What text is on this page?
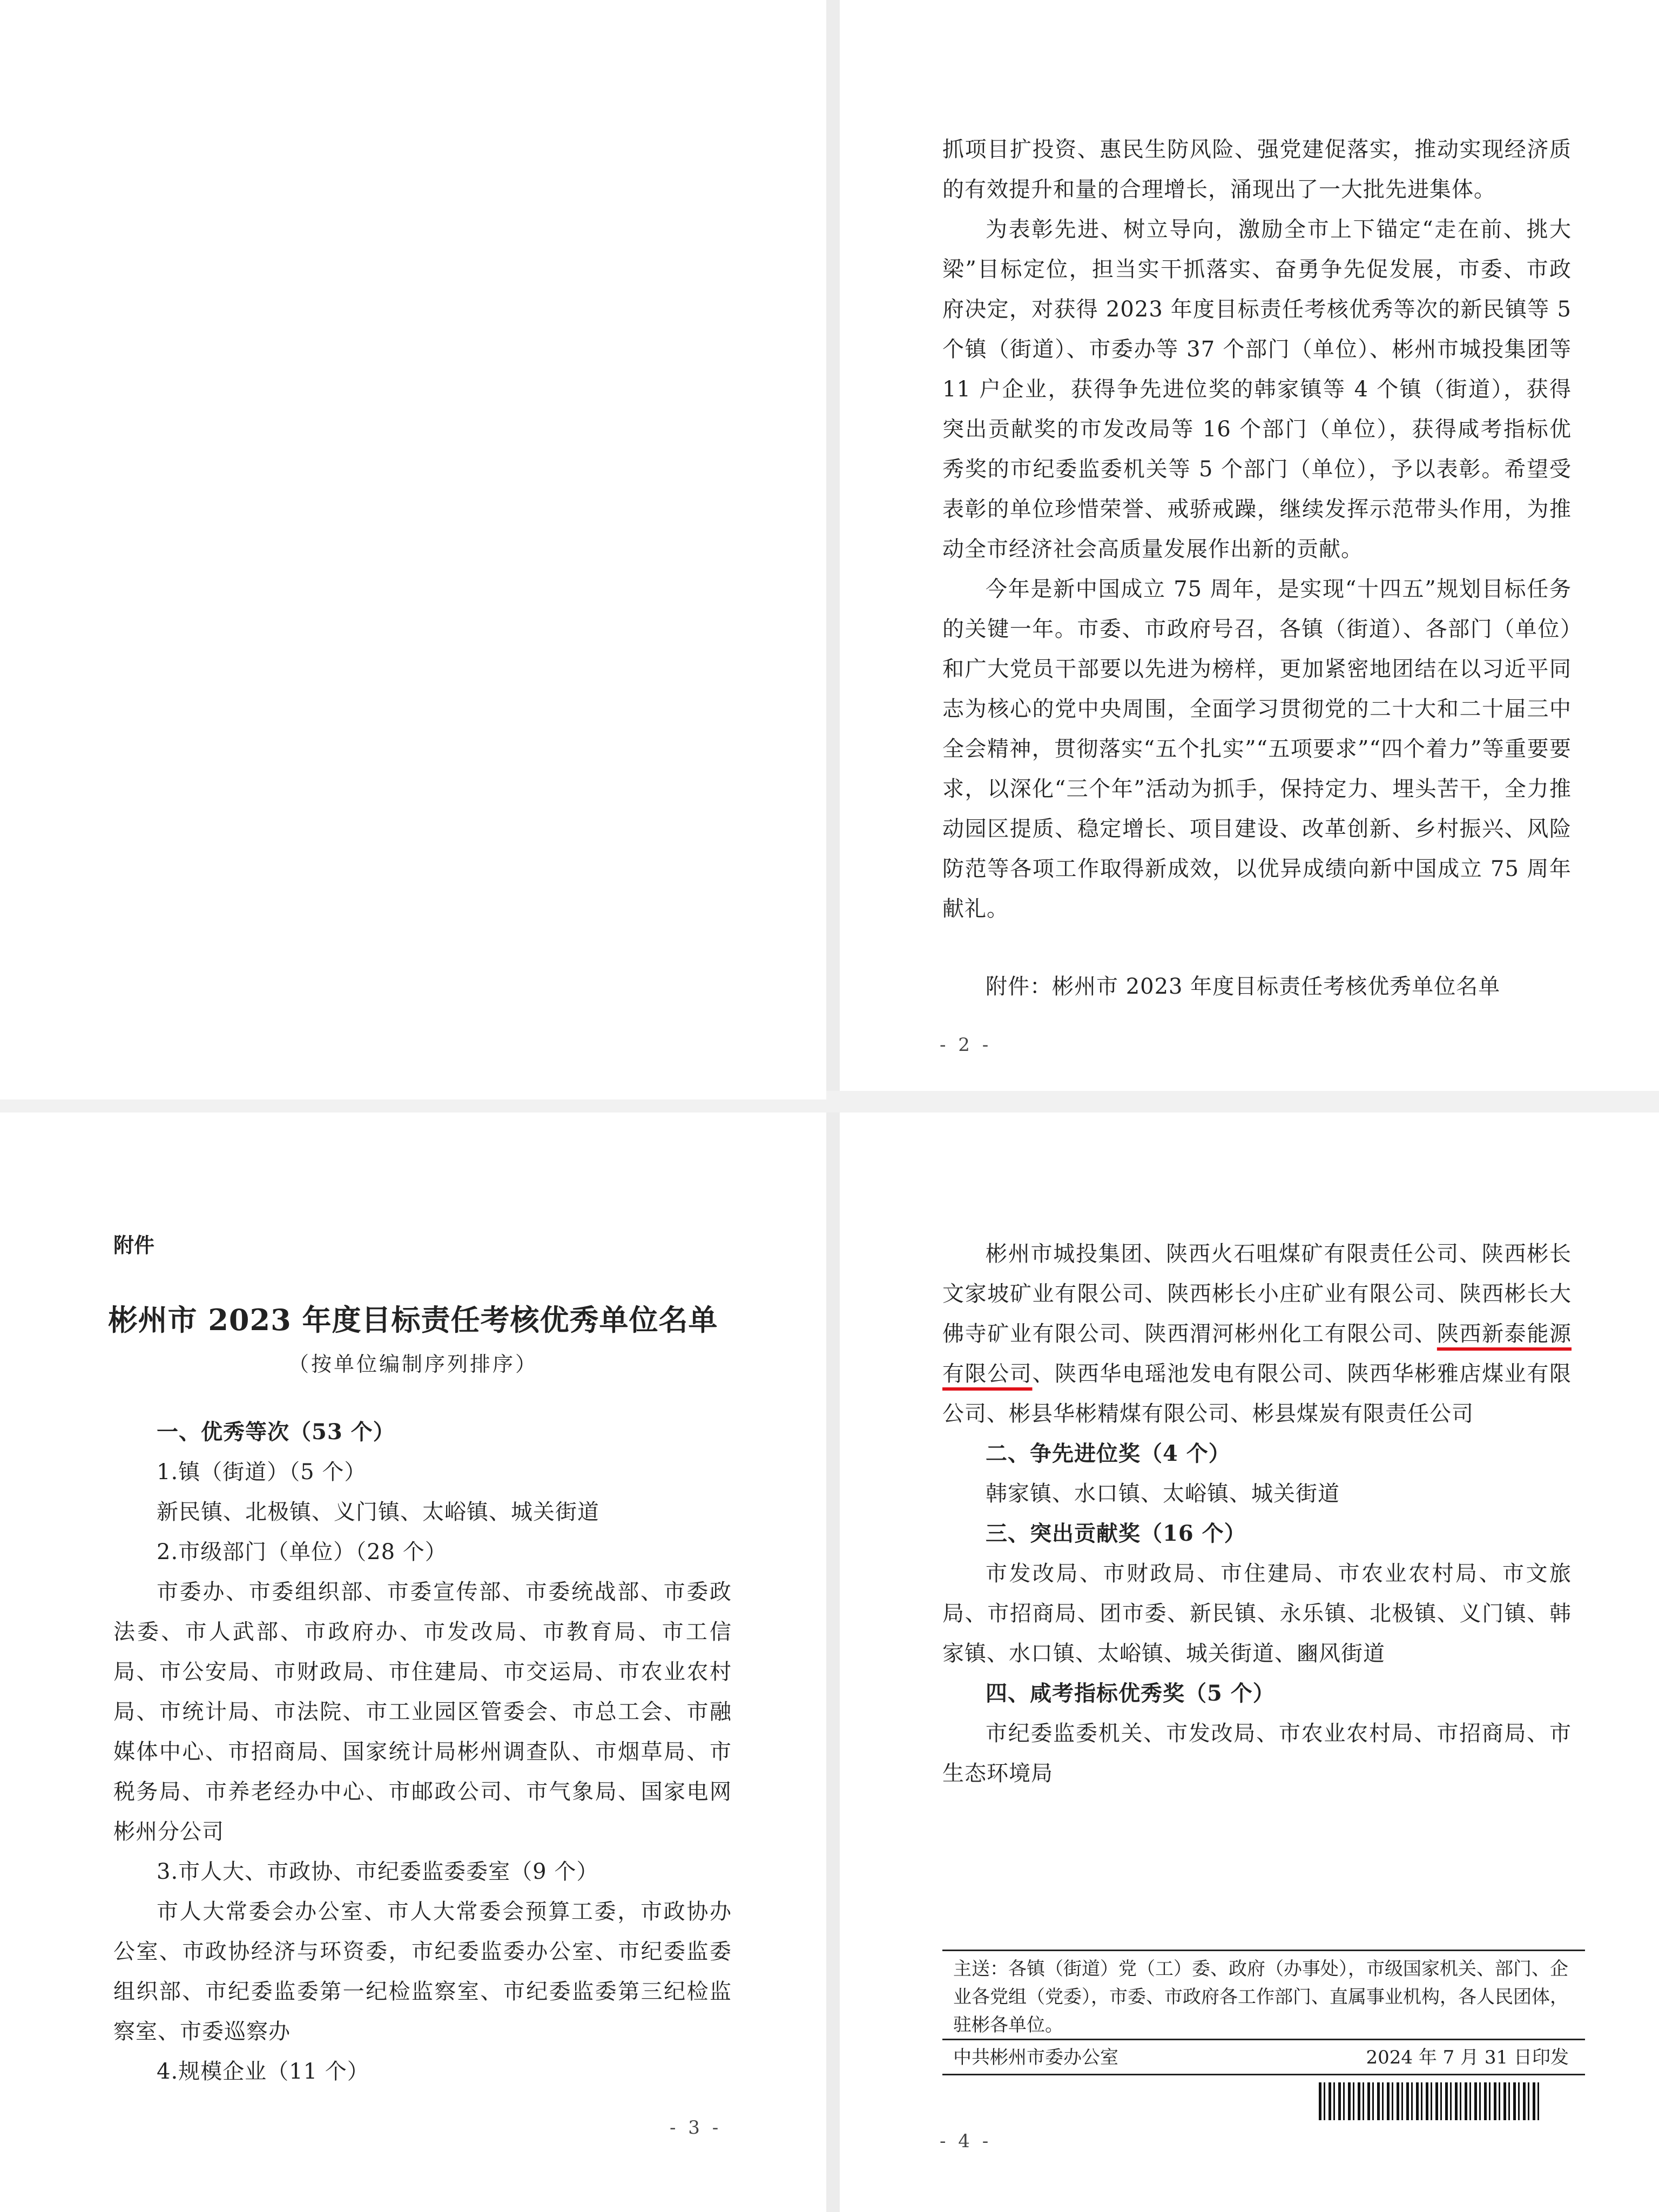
抓项目扩投资、惠民生防风险、强党建促落实，推动实现经济质的有效提升和量的合理增长，涌现出了一大批先进集体。

为表彰先进、树立导向，激励全市上下锚定“走在前、挑大梁”目标定位，担当实干抓落实、奋勇争先促发展，市委、市政府决定，对获得 2023 年度目标责任考核优秀等次的新民镇等 5 个镇（街道）、市委办等 37 个部门（单位）、彬州市城投集团等 11 户企业，获得争先进位奖的韩家镇等 4 个镇（街道），获得突出贡献奖的市发改局等 16 个部门（单位），获得咸考指标优秀奖的市纪委监委机关等 5 个部门（单位），予以表彰。希望受表彰的单位珍惜荣誉、戒骄戒躁，继续发挥示范带头作用，为推动全市经济社会高质量发展作出新的贡献。

今年是新中国成立 75 周年，是实现“十四五”规划目标任务的关键一年。市委、市政府号召，各镇（街道）、各部门（单位）和广大党员干部要以先进为榜样，更加紧密地团结在以习近平同志为核心的党中央周围，全面学习贯彻党的二十大和二十届三中全会精神，贯彻落实“五个扎实”“五项要求”“四个着力”等重要要求，以深化“三个年”活动为抓手，保持定力、埋头苦干，全力推动园区提质、稳定增长、项目建设、改革创新、乡村振兴、风险防范等各项工作取得新成效，以优异成绩向新中国成立 75 周年献礼。

附件：彬州市 2023 年度目标责任考核优秀单位名单
- 2 -
附件
彬州市 2023 年度目标责任考核优秀单位名单
（按单位编制序列排序）

一、优秀等次（53 个）

1.镇（街道）（5 个）

新民镇、北极镇、义门镇、太峪镇、城关街道

2.市级部门（单位）（28 个）

市委办、市委组织部、市委宣传部、市委统战部、市委政法委、市人武部、市政府办、市发改局、市教育局、市工信局、市公安局、市财政局、市住建局、市交运局、市农业农村局、市统计局、市法院、市工业园区管委会、市总工会、市融媒体中心、市招商局、国家统计局彬州调查队、市烟草局、市税务局、市养老经办中心、市邮政公司、市气象局、国家电网彬州分公司

3.市人大、市政协、市纪委监委委室（9 个）

市人大常委会办公室、市人大常委会预算工委，市政协办公室、市政协经济与环资委，市纪委监委办公室、市纪委监委组织部、市纪委监委第一纪检监察室、市纪委监委第三纪检监察室、市委巡察办

4.规模企业（11 个）

- 3 -

彬州市城投集团、陕西火石咀煤矿有限责任公司、陕西彬长文家坡矿业有限公司、陕西彬长小庄矿业有限公司、陕西彬长大佛寺矿业有限公司、陕西渭河彬州化工有限公司、陕西新泰能源有限公司、陕西华电瑶池发电有限公司、陕西华彬雅店煤业有限公司、彬县华彬精煤有限公司、彬县煤炭有限责任公司

二、争先进位奖（4 个）

韩家镇、水口镇、太峪镇、城关街道

三、突出贡献奖（16 个）

市发改局、市财政局、市住建局、市农业农村局、市文旅局、市招商局、团市委、新民镇、永乐镇、北极镇、义门镇、韩家镇、水口镇、太峪镇、城关街道、豳风街道

四、咸考指标优秀奖（5 个）

市纪委监委机关、市发改局、市农业农村局、市招商局、市生态环境局

主送：各镇（街道）党（工）委、政府（办事处），市级国家机关、部门、企业各党组（党委），市委、市政府各工作部门、直属事业机构，各人民团体，驻彬各单位。
中共彬州市委办公室	2024 年 7 月 31 日印发
- 4 -
